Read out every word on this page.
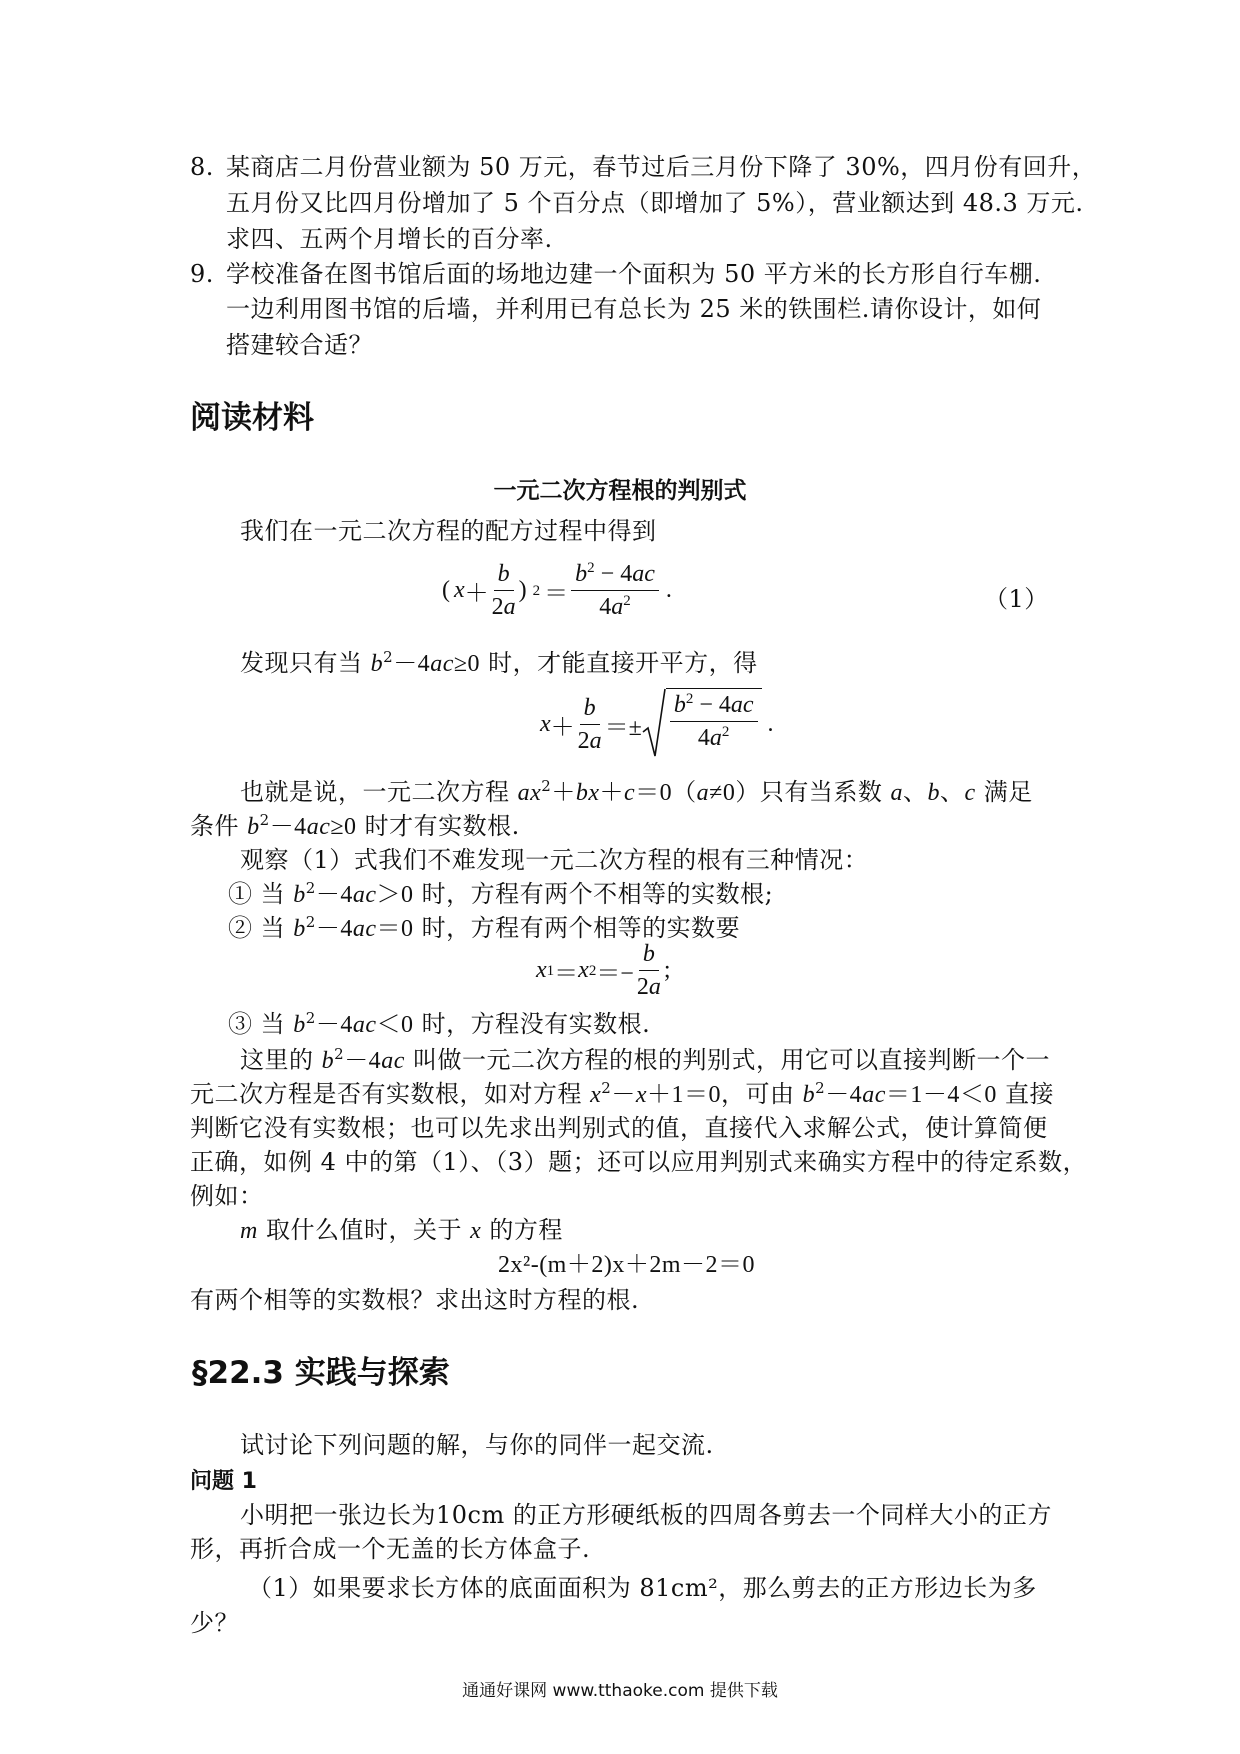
8. 某商店二月份营业额为 50 万元，春节过后三月份下降了 30%，四月份有回升，
五月份又比四月份增加了 5 个百分点（即增加了 5%），营业额达到 48.3 万元.
求四、五两个月增长的百分率.
9. 学校准备在图书馆后面的场地边建一个面积为 50 平方米的长方形自行车棚.
一边利用图书馆的后墙，并利用已有总长为 25 米的铁围栏.请你设计，如何
搭建较合适？
阅读材料
一元二次方程根的判别式
我们在一元二次方程的配方过程中得到
( $x + \frac{b}{2a}$ ) $2 = \frac{b^2 - 4ac}{4a^2}$ .	（1）
发现只有当 $b^2-4ac\ge 0$ 时，才能直接开平方，得
$x + \frac{b}{2a} =\pm \frac{b^2 - 4ac}{4a^2}$ .
也就是说，一元二次方程 $ax^2+bx+c=0(a\ne 0)$只有当系数 a、b、c 满足
条件 $b^2-4ac\ge 0$ 时才有实数根.
观察（1）式我们不难发现一元二次方程的根有三种情况：
① 当 $b^2-4ac>0$ 时，方程有两个不相等的实数根;
② 当 $b^2-4ac=0$ 时，方程有两个相等的实数要
x 1 ＝ x $2 =- \frac{b}{2a}$ ;
③ 当 $b^2-4ac<0$ 时，方程没有实数根.
这里的 $b^2-4ac$ 叫做一元二次方程的根的判别式，用它可以直接判断一个一
元二次方程是否有实数根，如对方程 $x^2-x+1=0$，可由 $b^2-4ac=1-4<0$ 直接
判断它没有实数根；也可以先求出判别式的值，直接代入求解公式，使计算简便
正确，如例 4 中的第（1）、（3）题；还可以应用判别式来确实方程中的待定系数，
例如：
m 取什么值时，关于 x 的方程
2x²-(m＋2)x＋2m－2＝0
有两个相等的实数根？求出这时方程的根.
§22.3 实践与探索
试讨论下列问题的解，与你的同伴一起交流.
问题 1
小明把一张边长为10cm 的正方形硬纸板的四周各剪去一个同样大小的正方
形，再折合成一个无盖的长方体盒子.
（1）如果要求长方体的底面面积为 81cm²，那么剪去的正方形边长为多
少？
通通好课网 www.tthaoke.com 提供下载
